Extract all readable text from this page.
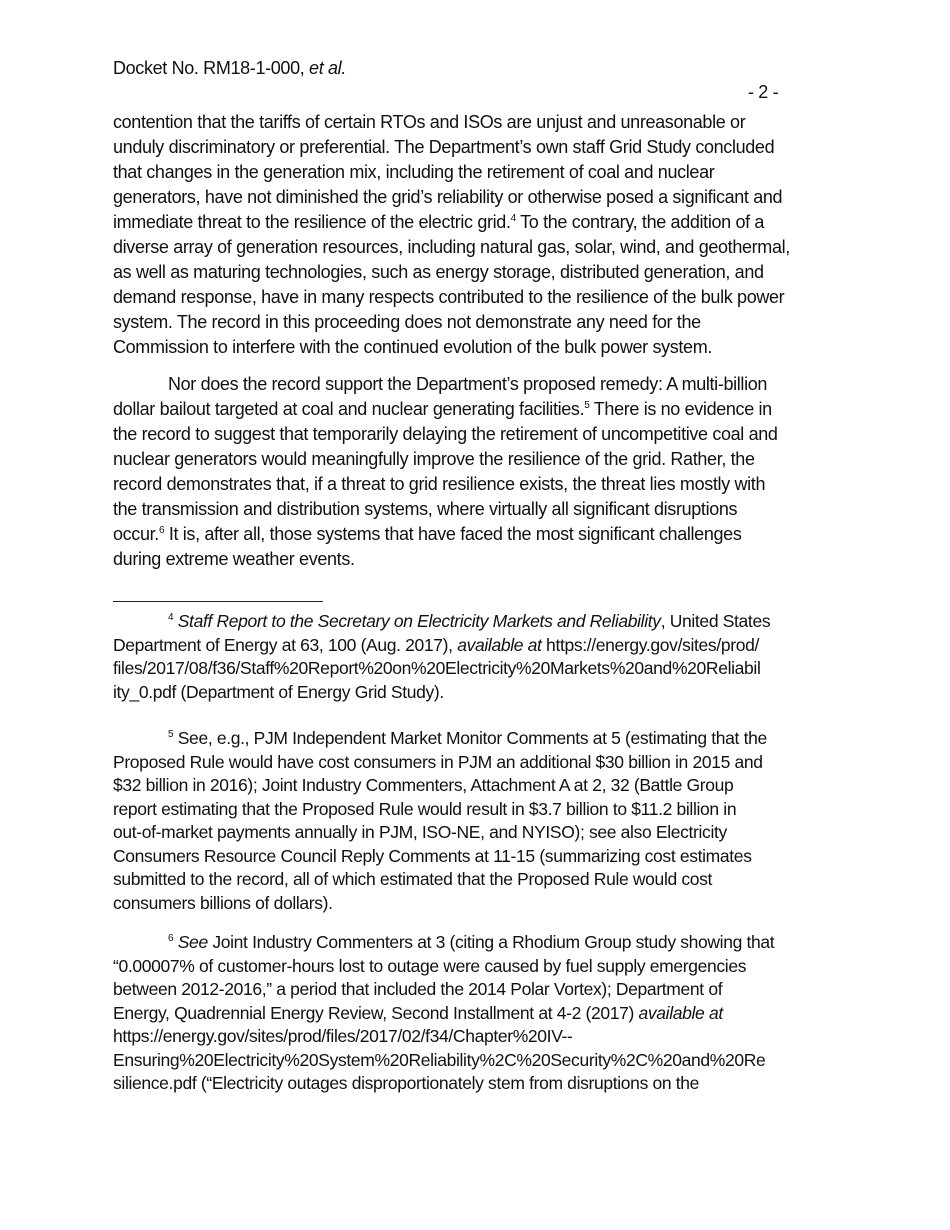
Docket No. RM18-1-000, et al.
- 2 -
contention that the tariffs of certain RTOs and ISOs are unjust and unreasonable or
unduly discriminatory or preferential. The Department’s own staff Grid Study concluded
that changes in the generation mix, including the retirement of coal and nuclear
generators, have not diminished the grid’s reliability or otherwise posed a significant and
immediate threat to the resilience of the electric grid.$^4$ To the contrary, the addition of a
diverse array of generation resources, including natural gas, solar, wind, and geothermal,
as well as maturing technologies, such as energy storage, distributed generation, and
demand response, have in many respects contributed to the resilience of the bulk power
system. The record in this proceeding does not demonstrate any need for the
Commission to interfere with the continued evolution of the bulk power system.
Nor does the record support the Department’s proposed remedy: A multi-billion
dollar bailout targeted at coal and nuclear generating facilities.$^5$ There is no evidence in
the record to suggest that temporarily delaying the retirement of uncompetitive coal and
nuclear generators would meaningfully improve the resilience of the grid. Rather, the
record demonstrates that, if a threat to grid resilience exists, the threat lies mostly with
the transmission and distribution systems, where virtually all significant disruptions
occur.$^6$ It is, after all, those systems that have faced the most significant challenges
during extreme weather events.
$^4$ Staff Report to the Secretary on Electricity Markets and Reliability, United States
Department of Energy at 63, 100 (Aug. 2017), available at https://energy.gov/sites/prod/
files/2017/08/f36/Staff%20Report%20on%20Electricity%20Markets%20and%20Reliabil
ity_0.pdf (Department of Energy Grid Study).
$^5$ See, e.g., PJM Independent Market Monitor Comments at 5 (estimating that the
Proposed Rule would have cost consumers in PJM an additional $30 billion in 2015 and
$32 billion in 2016); Joint Industry Commenters, Attachment A at 2, 32 (Battle Group
report estimating that the Proposed Rule would result in $3.7 billion to $11.2 billion in
out-of-market payments annually in PJM, ISO-NE, and NYISO); see also Electricity
Consumers Resource Council Reply Comments at 11-15 (summarizing cost estimates
submitted to the record, all of which estimated that the Proposed Rule would cost
consumers billions of dollars).
$^6$ See Joint Industry Commenters at 3 (citing a Rhodium Group study showing that
“0.00007% of customer-hours lost to outage were caused by fuel supply emergencies
between 2012-2016,” a period that included the 2014 Polar Vortex); Department of
Energy, Quadrennial Energy Review, Second Installment at 4-2 (2017) available at
https://energy.gov/sites/prod/files/2017/02/f34/Chapter%20IV--
Ensuring%20Electricity%20System%20Reliability%2C%20Security%2C%20and%20Re
silience.pdf (“Electricity outages disproportionately stem from disruptions on the
